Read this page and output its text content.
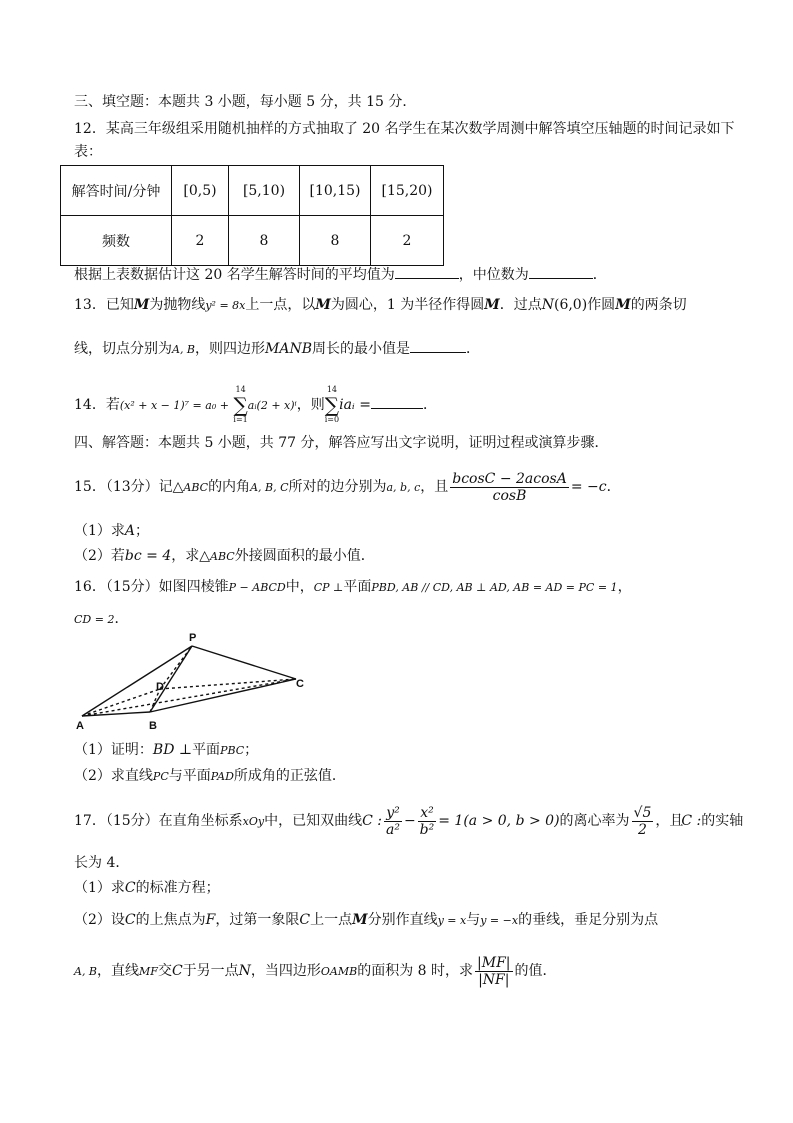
三、填空题：本题共 3 小题，每小题 5 分，共 15 分．
12．某高三年级组采用随机抽样的方式抽取了 20 名学生在某次数学周测中解答填空压轴题的时间记录如下
表：
解答时间/分钟	[0,5)	[5,10)	[10,15)	[15,20)
频数	2	8	8	2
根据上表数据估计这 20 名学生解答时间的平均值为	，中位数为	．
13．已知M为抛物线y² = 8x上一点，以M为圆心，1 为半径作得圆M．过点N(6,0)作圆M的两条切
线，切点分别为A, B，则四边形MANB周长的最小值是	．
14．若(x² + x − 1)⁷ = a₀ +
14
∑
i=1
aᵢ(2 + x)ⁱ，则
14
∑
i=0
iaᵢ =	．
四、解答题：本题共 5 小题，共 77 分，解答应写出文字说明，证明过程或演算步骤．
15．（13分）记△ABC的内角A, B, C所对的边分别为a, b, c，且 $\frac{bcosC - 2acosA}{\cos B} = -c$．
（1）求A；
（2）若bc = 4，求△ABC外接圆面积的最小值．
16．（15分）如图四棱锥P − ABCD中，CP ⊥平面PBD, AB // CD, AB ⊥ AD, AB = AD = PC = 1，
CD = 2．
P
D	C
A	B
（1）证明：BD ⊥平面PBC；
（2）求直线PC与平面PAD所成角的正弦值．
17．（15分）在直角坐标系xOy中，已知双曲线C : $\frac{\text{y²}}{\text{a²}} - \frac{\text{x²}}{\text{b²}} = 1(a > 0$, b > 0)的离心率为 $\frac{√5}{2}$ ，且C :的实轴
长为 4．
（1）求C的标准方程；
（2）设C的上焦点为F，过第一象限C上一点M分别作直线y = x与y = −x的垂线，垂足分别为点
A, B，直线MF交C于另一点N，当四边形OAMB的面积为 8 时，求 $\frac{|MF|}{|NF|}$ 的值．
